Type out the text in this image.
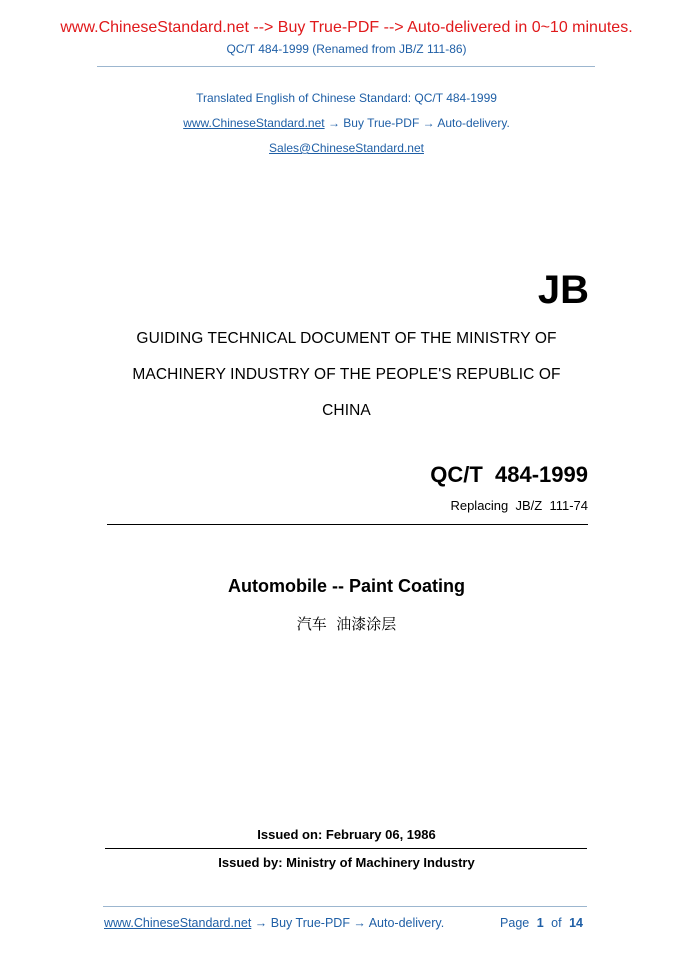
www.ChineseStandard.net --> Buy True-PDF --> Auto-delivered in 0~10 minutes.
QC/T 484-1999 (Renamed from JB/Z 111-86)
Translated English of Chinese Standard: QC/T 484-1999
www.ChineseStandard.net → Buy True-PDF → Auto-delivery.
Sales@ChineseStandard.net
JB
GUIDING TECHNICAL DOCUMENT OF THE MINISTRY OF
MACHINERY INDUSTRY OF THE PEOPLE'S REPUBLIC OF
CHINA
QC/T  484-1999
Replacing  JB/Z  111-74
Automobile -- Paint Coating
汽车  油漆涂层
Issued on: February 06, 1986
Issued by: Ministry of Machinery Industry
www.ChineseStandard.net → Buy True-PDF → Auto-delivery.	Page 1 of 14
